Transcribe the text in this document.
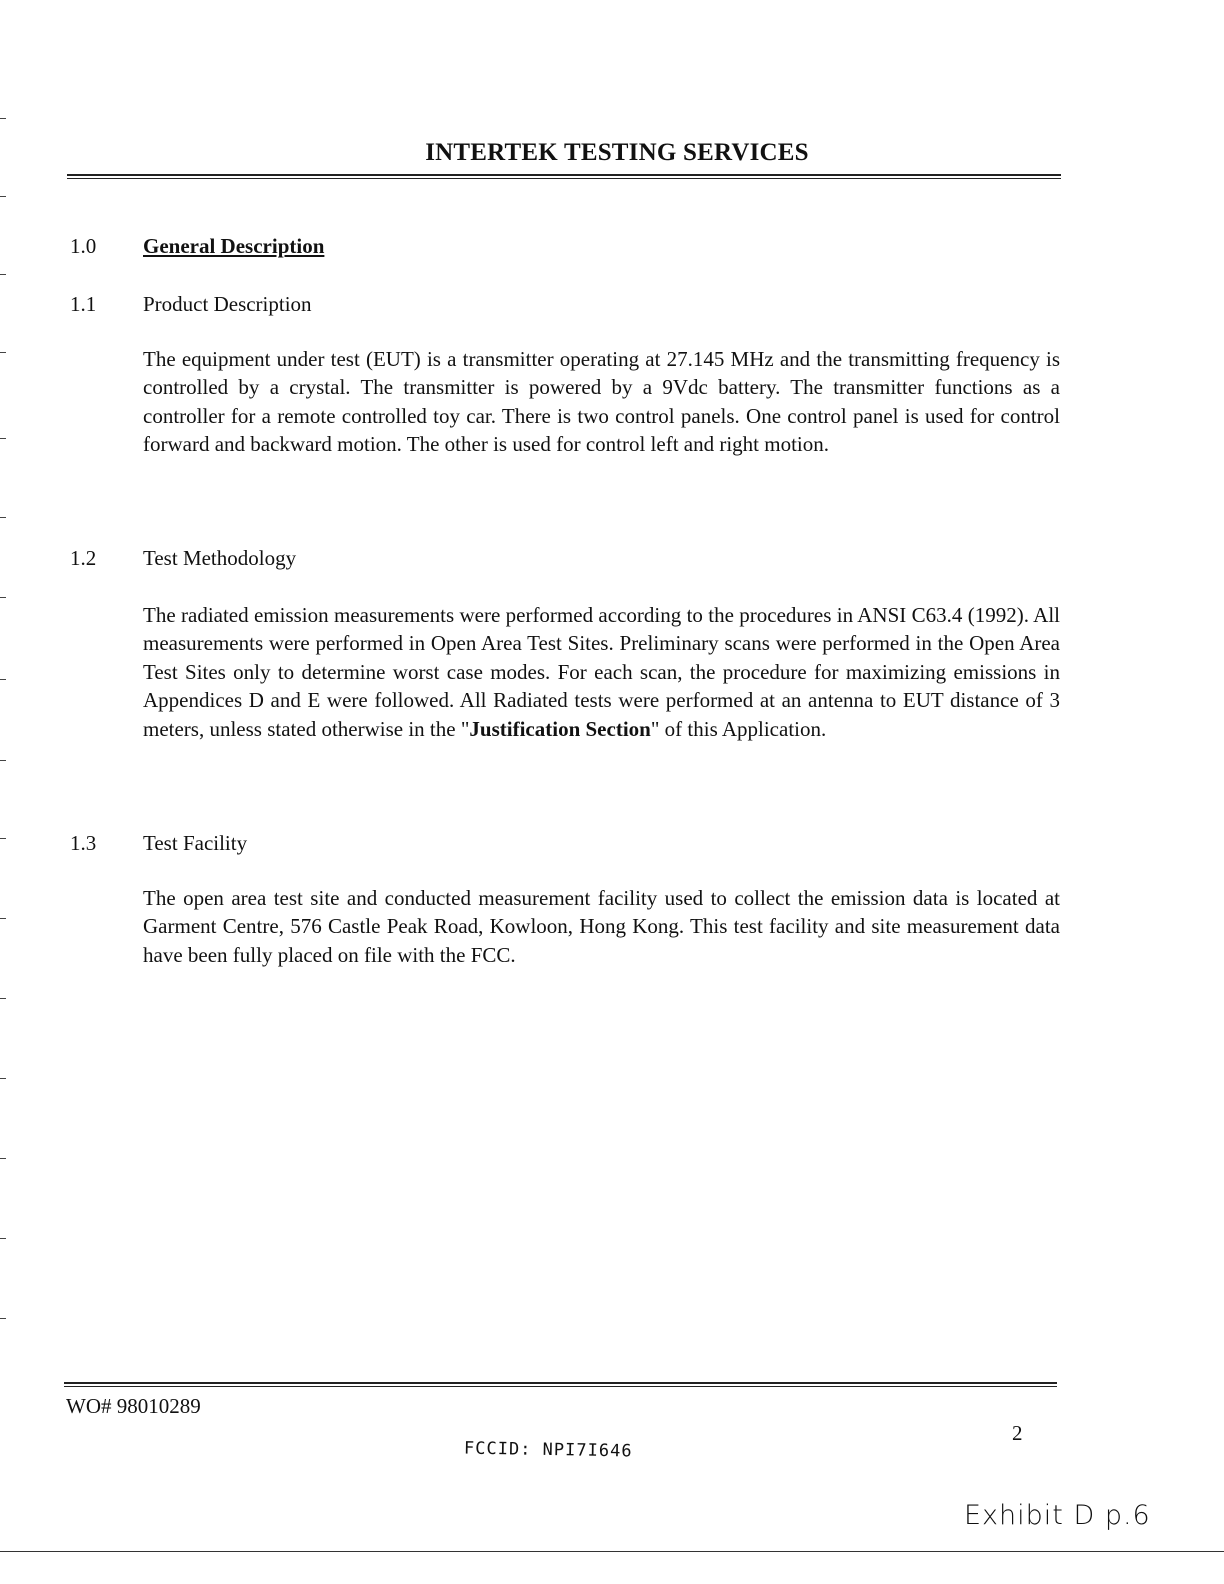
INTERTEK TESTING SERVICES
1.0 General Description
1.1 Product Description
The equipment under test (EUT) is a transmitter operating at 27.145 MHz and the transmitting frequency is controlled by a crystal. The transmitter is powered by a 9Vdc battery. The transmitter functions as a controller for a remote controlled toy car. There is two control panels. One control panel is used for control forward and backward motion. The other is used for control left and right motion.
1.2 Test Methodology
The radiated emission measurements were performed according to the procedures in ANSI C63.4 (1992). All measurements were performed in Open Area Test Sites. Preliminary scans were performed in the Open Area Test Sites only to determine worst case modes. For each scan, the procedure for maximizing emissions in Appendices D and E were followed. All Radiated tests were performed at an antenna to EUT distance of 3 meters, unless stated otherwise in the "Justification Section" of this Application.
1.3 Test Facility
The open area test site and conducted measurement facility used to collect the emission data is located at Garment Centre, 576 Castle Peak Road, Kowloon, Hong Kong. This test facility and site measurement data have been fully placed on file with the FCC.
WO# 98010289
2
FCCID: NPI7I646
Exhibit D p.6
